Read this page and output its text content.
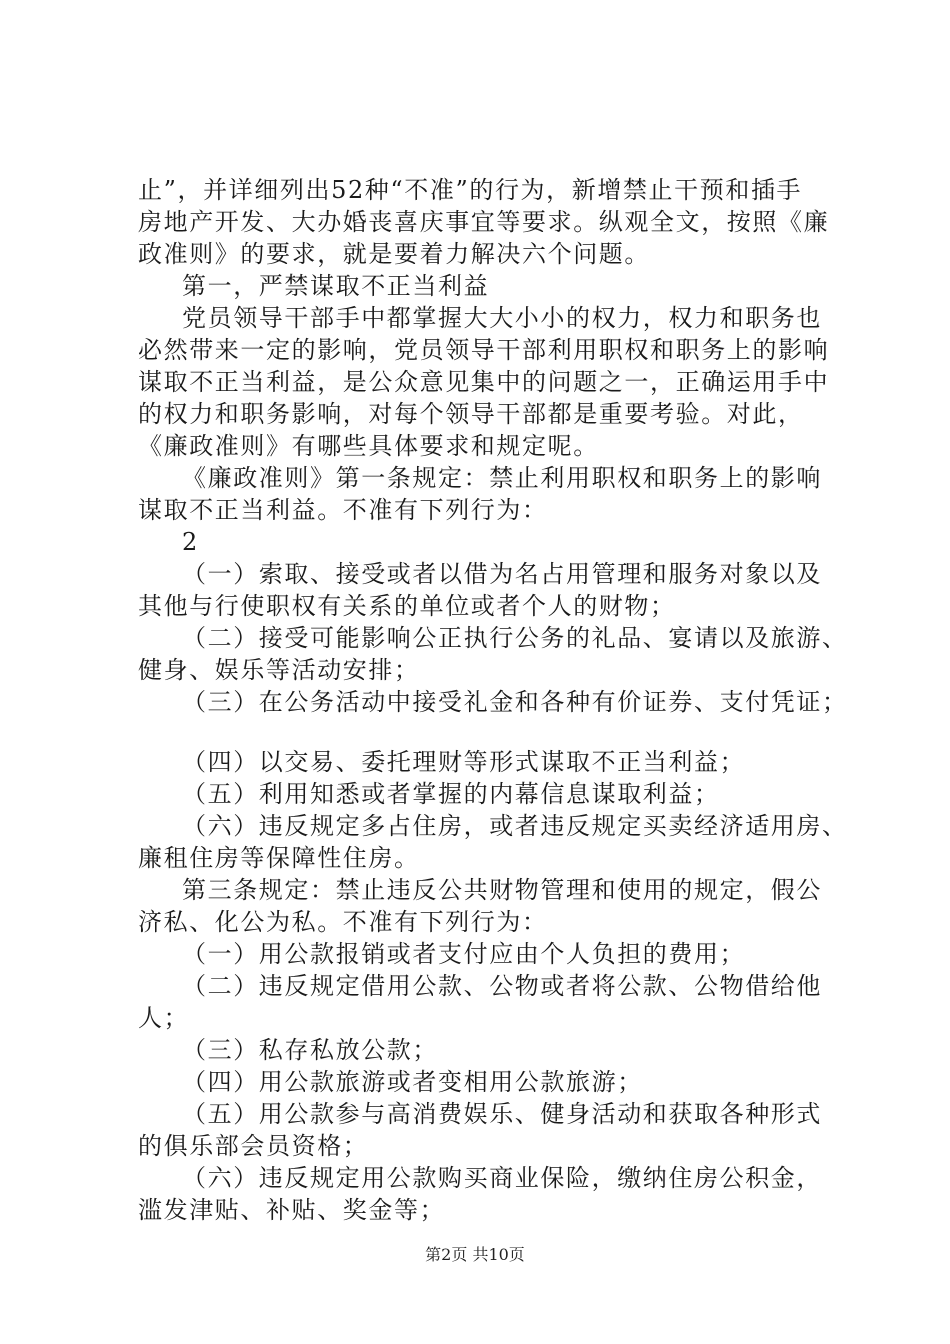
止”，并详细列出52种“不准”的行为，新增禁止干预和插手
房地产开发、大办婚丧喜庆事宜等要求。纵观全文，按照《廉
政准则》的要求，就是要着力解决六个问题。
第一，严禁谋取不正当利益
党员领导干部手中都掌握大大小小的权力，权力和职务也
必然带来一定的影响，党员领导干部利用职权和职务上的影响
谋取不正当利益，是公众意见集中的问题之一，正确运用手中
的权力和职务影响，对每个领导干部都是重要考验。对此，
《廉政准则》有哪些具体要求和规定呢。
《廉政准则》第一条规定：禁止利用职权和职务上的影响
谋取不正当利益。不准有下列行为：
2
（一）索取、接受或者以借为名占用管理和服务对象以及
其他与行使职权有关系的单位或者个人的财物；
（二）接受可能影响公正执行公务的礼品、宴请以及旅游、
健身、娱乐等活动安排；
（三）在公务活动中接受礼金和各种有价证券、支付凭证；
（四）以交易、委托理财等形式谋取不正当利益；
（五）利用知悉或者掌握的内幕信息谋取利益；
（六）违反规定多占住房，或者违反规定买卖经济适用房、
廉租住房等保障性住房。
第三条规定：禁止违反公共财物管理和使用的规定，假公
济私、化公为私。不准有下列行为：
（一）用公款报销或者支付应由个人负担的费用；
（二）违反规定借用公款、公物或者将公款、公物借给他
人；
（三）私存私放公款；
（四）用公款旅游或者变相用公款旅游；
（五）用公款参与高消费娱乐、健身活动和获取各种形式
的俱乐部会员资格；
（六）违反规定用公款购买商业保险，缴纳住房公积金，
滥发津贴、补贴、奖金等；
第2页 共10页
